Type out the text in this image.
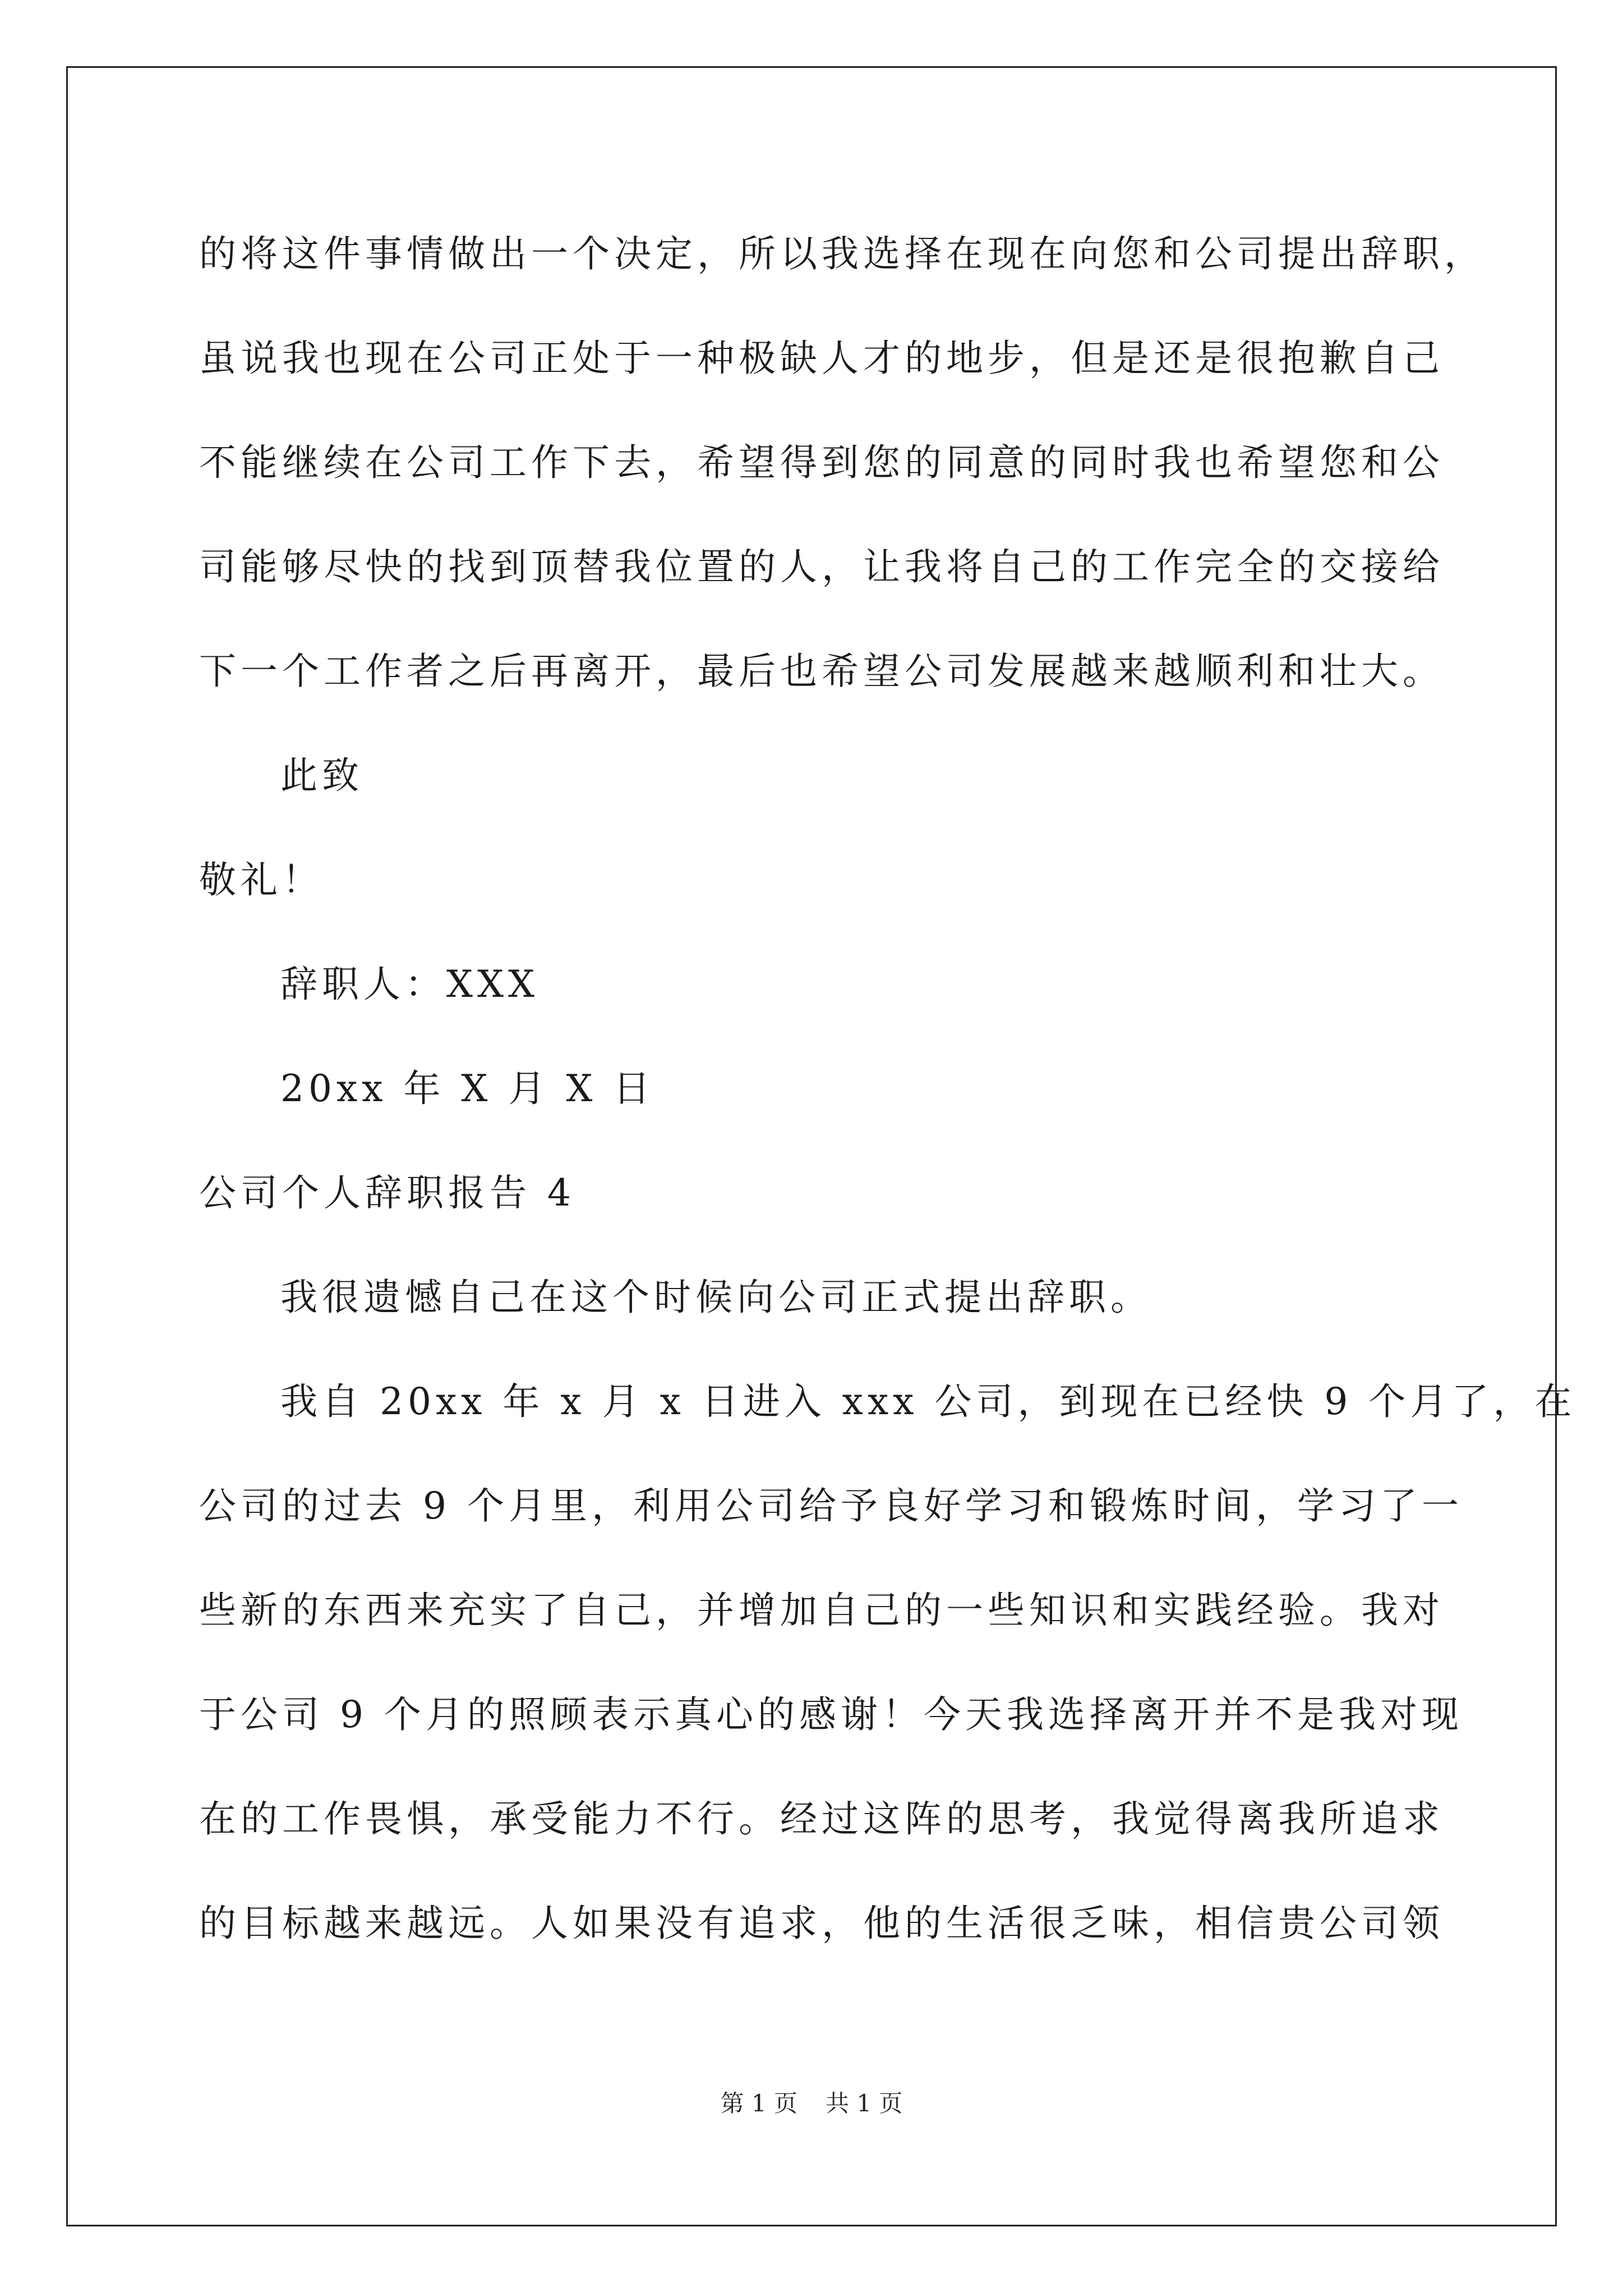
的将这件事情做出一个决定，所以我选择在现在向您和公司提出辞职，
虽说我也现在公司正处于一种极缺人才的地步，但是还是很抱歉自己
不能继续在公司工作下去，希望得到您的同意的同时我也希望您和公
司能够尽快的找到顶替我位置的人，让我将自己的工作完全的交接给
下一个工作者之后再离开，最后也希望公司发展越来越顺利和壮大。
此致
敬礼！
辞职人：XXX
20xx 年 X 月 X 日
公司个人辞职报告 4
我很遗憾自己在这个时候向公司正式提出辞职。
我自 20xx 年 x 月 x 日进入 xxx 公司，到现在已经快 9 个月了，在
公司的过去 9 个月里，利用公司给予良好学习和锻炼时间，学习了一
些新的东西来充实了自己，并增加自己的一些知识和实践经验。我对
于公司 9 个月的照顾表示真心的感谢！今天我选择离开并不是我对现
在的工作畏惧，承受能力不行。经过这阵的思考，我觉得离我所追求
的目标越来越远。人如果没有追求，他的生活很乏味，相信贵公司领
第 1 页 共 1 页
